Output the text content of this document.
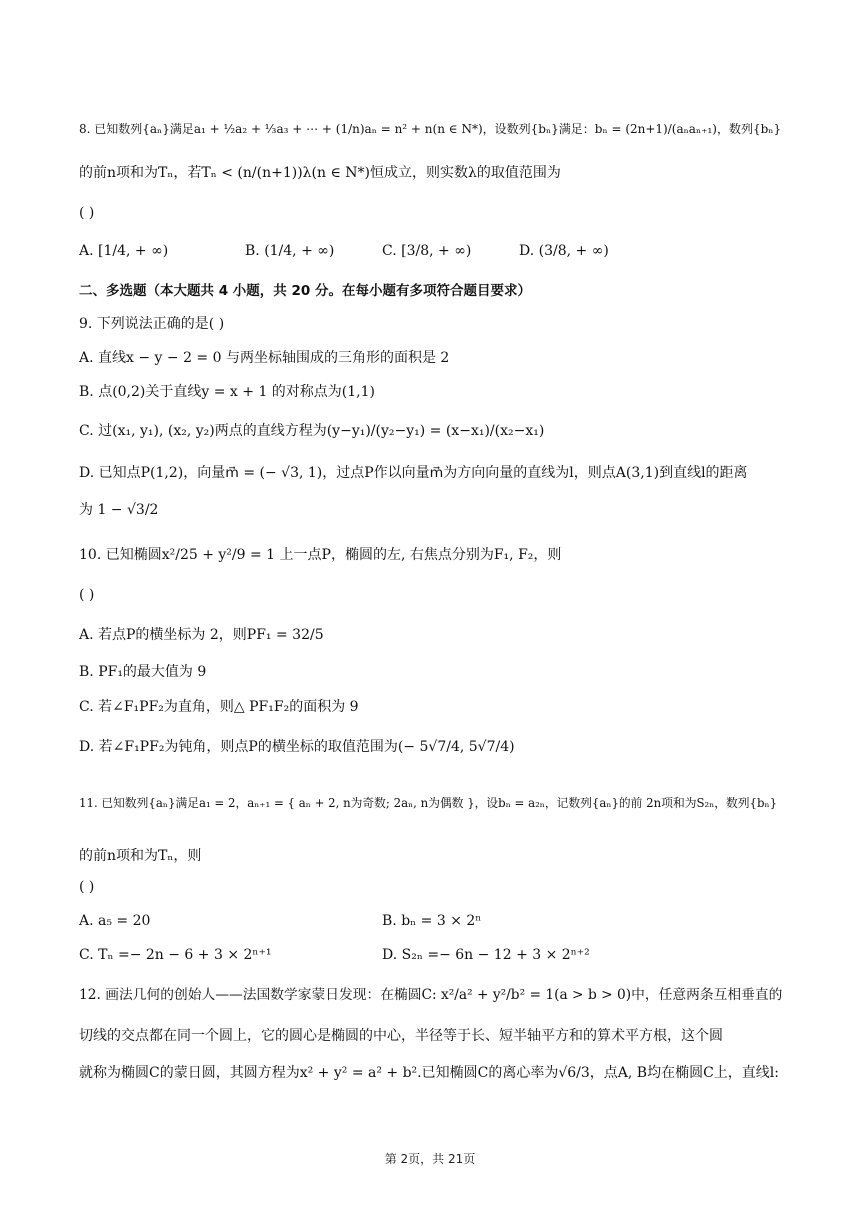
8. 已知数列{aₙ}满足a₁ + ½a₂ + ⅓a₃ + ⋯ + (1/n)aₙ = n² + n(n ∈ N*)，设数列{bₙ}满足：bₙ = (2n+1)/(aₙaₙ₊₁)，数列{bₙ}
的前n项和为Tₙ，若Tₙ < (n/(n+1))λ(n ∈ N*)恒成立，则实数λ的取值范围为
( )
A. [1/4, + ∞)	B. (1/4, + ∞)	C. [3/8, + ∞)	D. (3/8, + ∞)
二、多选题（本大题共 4 小题，共 20 分。在每小题有多项符合题目要求）
9. 下列说法正确的是( )
A. 直线x − y − 2 = 0 与两坐标轴围成的三角形的面积是 2
B. 点(0,2)关于直线y = x + 1 的对称点为(1,1)
C. 过(x₁, y₁), (x₂, y₂)两点的直线方程为(y−y₁)/(y₂−y₁) = (x−x₁)/(x₂−x₁)
D. 已知点P(1,2)，向量m⃗ = (− √3, 1)，过点P作以向量m⃗为方向向量的直线为l，则点A(3,1)到直线l的距离
为 1 − √3/2
10. 已知椭圆x²/25 + y²/9 = 1 上一点P，椭圆的左, 右焦点分别为F₁, F₂，则
( )
A. 若点P的横坐标为 2，则PF₁ = 32/5
B. PF₁的最大值为 9
C. 若∠F₁PF₂为直角，则△ PF₁F₂的面积为 9
D. 若∠F₁PF₂为钝角，则点P的横坐标的取值范围为(− 5√7/4, 5√7/4)
11. 已知数列{aₙ}满足a₁ = 2，aₙ₊₁ = { aₙ + 2, n为奇数; 2aₙ, n为偶数 }，设bₙ = a₂ₙ，记数列{aₙ}的前 2n项和为S₂ₙ，数列{bₙ}
的前n项和为Tₙ，则
( )
A. a₅ = 20	B. bₙ = 3 × 2ⁿ
C. Tₙ =− 2n − 6 + 3 × 2ⁿ⁺¹	D. S₂ₙ =− 6n − 12 + 3 × 2ⁿ⁺²
12. 画法几何的创始人——法国数学家蒙日发现：在椭圆C: x²/a² + y²/b² = 1(a > b > 0)中，任意两条互相垂直的
切线的交点都在同一个圆上，它的圆心是椭圆的中心，半径等于长、短半轴平方和的算术平方根，这个圆
就称为椭圆C的蒙日圆，其圆方程为x² + y² = a² + b².已知椭圆C的离心率为√6/3，点A, B均在椭圆C上，直线l:
第 2页，共 21页
